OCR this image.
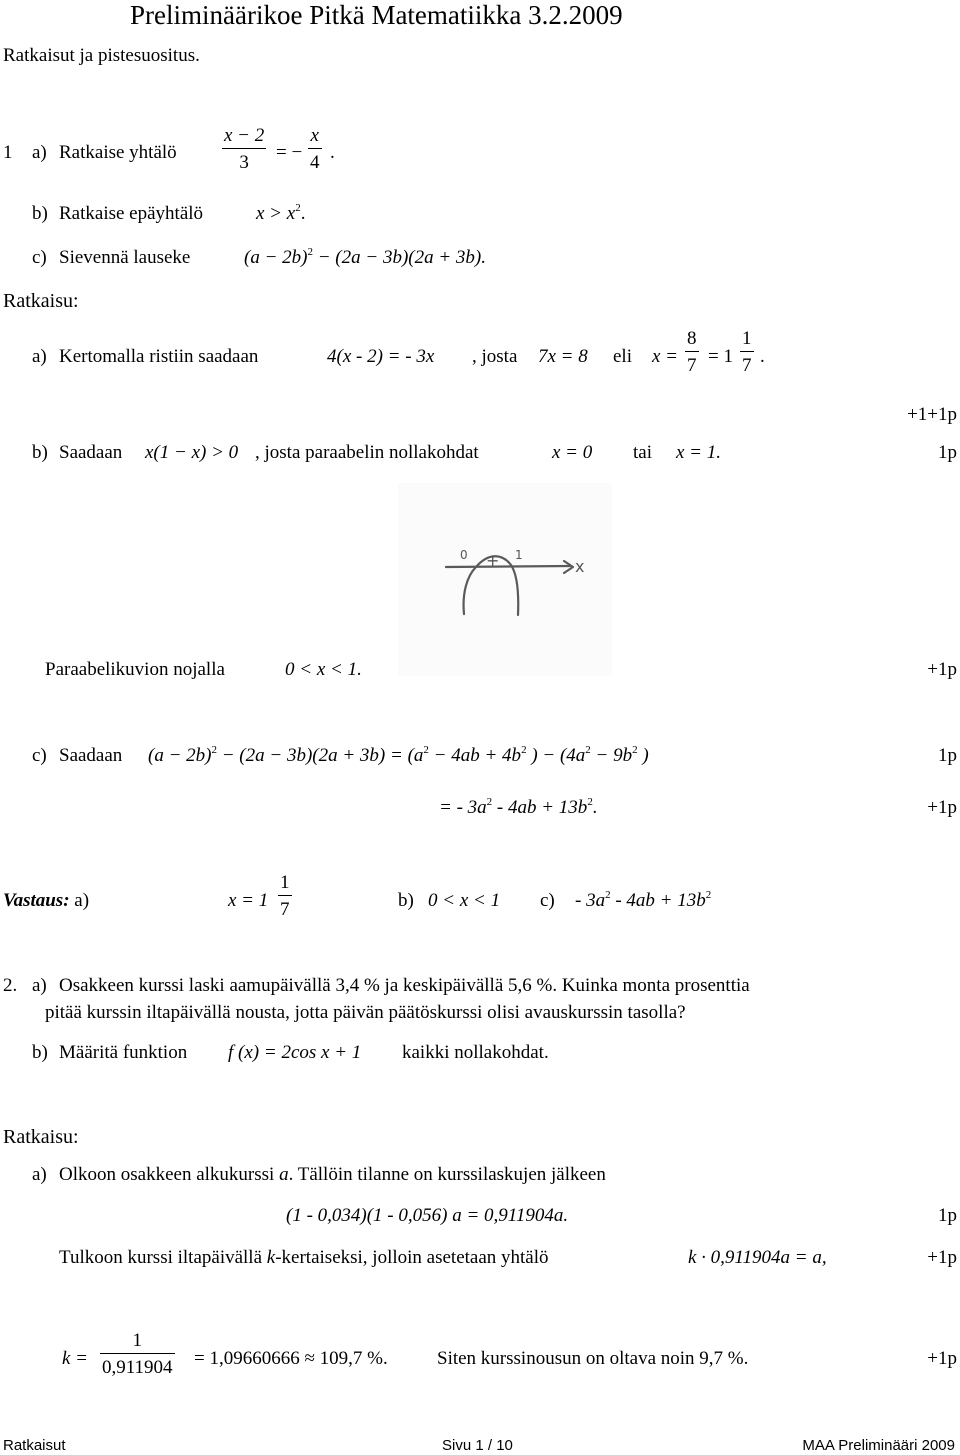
Preliminäärikoe Pitkä Matematiikka 3.2.2009
Ratkaisut ja pistesuositus.
1 a) Ratkaise yhtälö
x − 2
3 = −
x
4 .
b) Ratkaise epäyhtälö	$x > x^2$.
c) Sievennä lauseke	$(a - 2b)^2 - (2a - 3b)(2a + 3b)$.
Ratkaisu:
a) Kertomalla ristiin saadaan	4(x - 2) = - 3x , josta 7x = 8 eli x =
8
7 = 1
1
7 .
+1+1p
b) Saadaan x(1 − x) > 0 , josta paraabelin nollakohdat	x = 0 tai x = 1.	1p
0 + 1
x
Paraabelikuvion nojalla	0 < x < 1.	+1p
c) Saadaan $(a - 2b)^2 - (2a - 3b)(2a + 3b) = (a^2 - 4ab + 4b^2$ ) − ($4a^2 - 9b^2$ )	1p
= - $3a^2 - 4ab + 13b^2$.	+1p
Vastaus: a)	x = 1
1
7	b) 0 < x < 1 $c) - 3a^2 - 4ab + 13b^2$
2. a) Osakkeen kurssi laski aamupäivällä 3,4 % ja keskipäivällä 5,6 %. Kuinka monta prosenttia
pitää kurssin iltapäivällä nousta, jotta päivän päätöskurssi olisi avauskurssin tasolla?
b) Määritä funktion f (x) = 2cos x + 1 kaikki nollakohdat.
Ratkaisu:
a) Olkoon osakkeen alkukurssi a. Tällöin tilanne on kurssilaskujen jälkeen
(1 - 0,034)(1 - 0,056) a = 0,911904a.	1p
Tulkoon kurssi iltapäivällä k-kertaiseksi, jolloin asetetaan yhtälö	k · 0,911904a = a,	+1p
k =
1
0,911904 = 1,09660666 ≈ 109,7 %.	Siten kurssinousun on oltava noin 9,7 %.	+1p
Ratkaisut	Sivu 1 / 10	MAA Preliminääri 2009
